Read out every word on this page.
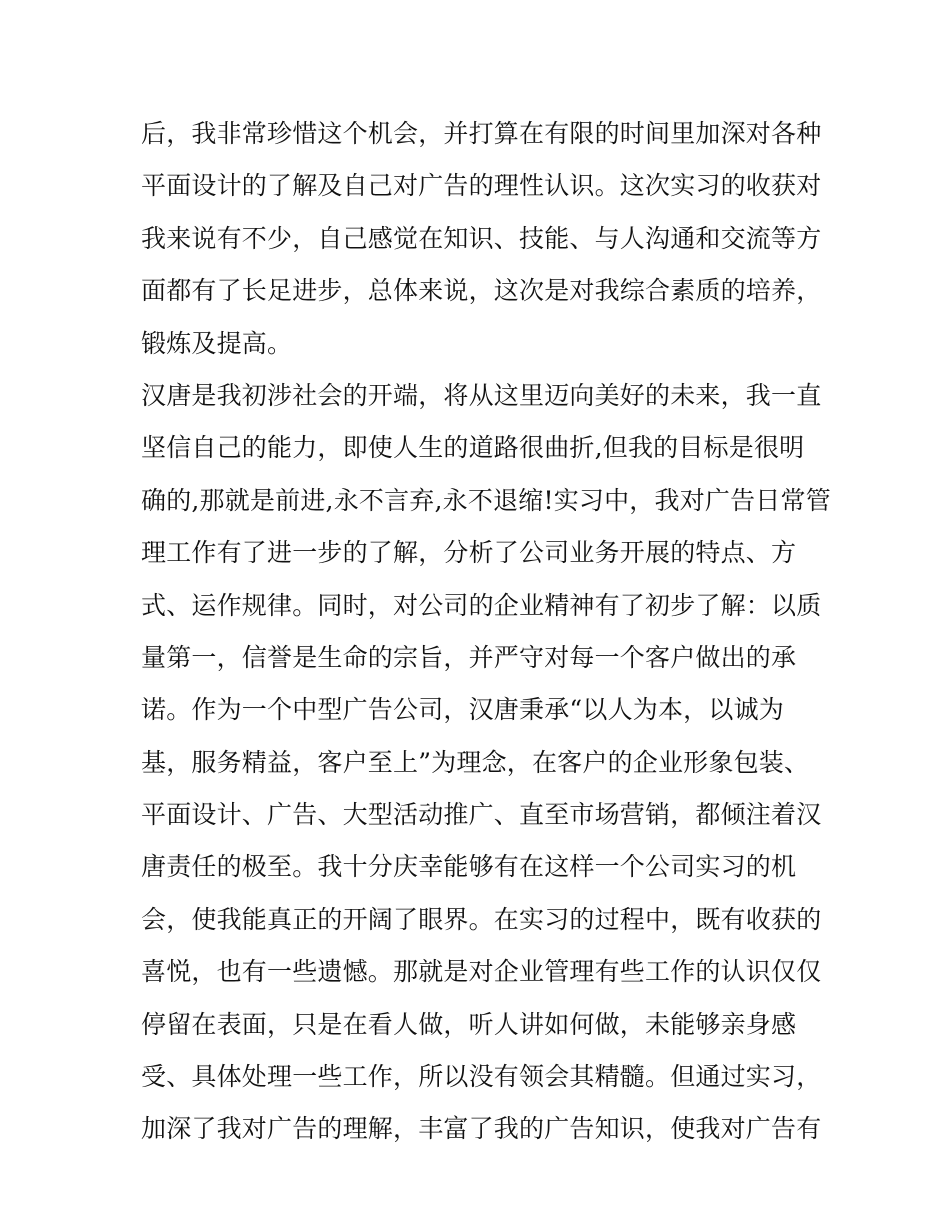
后，我非常珍惜这个机会，并打算在有限的时间里加深对各种
平面设计的了解及自己对广告的理性认识。这次实习的收获对
我来说有不少，自己感觉在知识、技能、与人沟通和交流等方
面都有了长足进步，总体来说，这次是对我综合素质的培养，
锻炼及提高。
汉唐是我初涉社会的开端，将从这里迈向美好的未来，我一直
坚信自己的能力，即使人生的道路很曲折,但我的目标是很明
确的,那就是前进,永不言弃,永不退缩!实习中，我对广告日常管
理工作有了进一步的了解，分析了公司业务开展的特点、方
式、运作规律。同时，对公司的企业精神有了初步了解：以质
量第一，信誉是生命的宗旨，并严守对每一个客户做出的承
诺。作为一个中型广告公司，汉唐秉承“以人为本，以诚为
基，服务精益，客户至上”为理念，在客户的企业形象包装、
平面设计、广告、大型活动推广、直至市场营销，都倾注着汉
唐责任的极至。我十分庆幸能够有在这样一个公司实习的机
会，使我能真正的开阔了眼界。在实习的过程中，既有收获的
喜悦，也有一些遗憾。那就是对企业管理有些工作的认识仅仅
停留在表面，只是在看人做，听人讲如何做，未能够亲身感
受、具体处理一些工作，所以没有领会其精髓。但通过实习，
加深了我对广告的理解，丰富了我的广告知识，使我对广告有
